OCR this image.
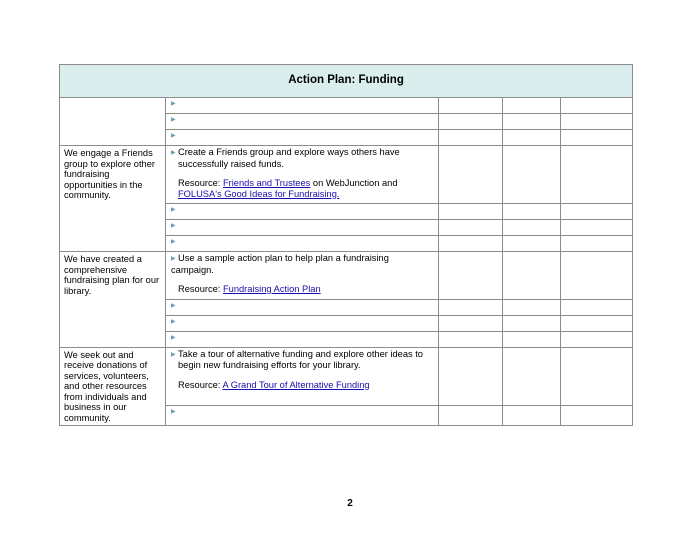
Action Plan: Funding				

	▶			

	▶			

	▶			

We engage a Friends group to explore other fundraising opportunities in the community.	▶ Create a Friends group and explore ways others have
successfully raised funds.
Resource: Friends and Trustees on WebJunction and FOLUSA's Good Ideas for Fundraising.			

	▶			

	▶			

	▶			

We have created a comprehensive fundraising plan for our library.	▶ Use a sample action plan to help plan a fundraising campaign.
Resource: Fundraising Action Plan			

	▶			

	▶			

	▶			

We seek out and receive donations of services, volunteers, and other resources from individuals and business in our community.	▶ Take a tour of alternative funding and explore other ideas to
begin new fundraising efforts for your library.
Resource: A Grand Tour of Alternative Funding			

	▶			

2
